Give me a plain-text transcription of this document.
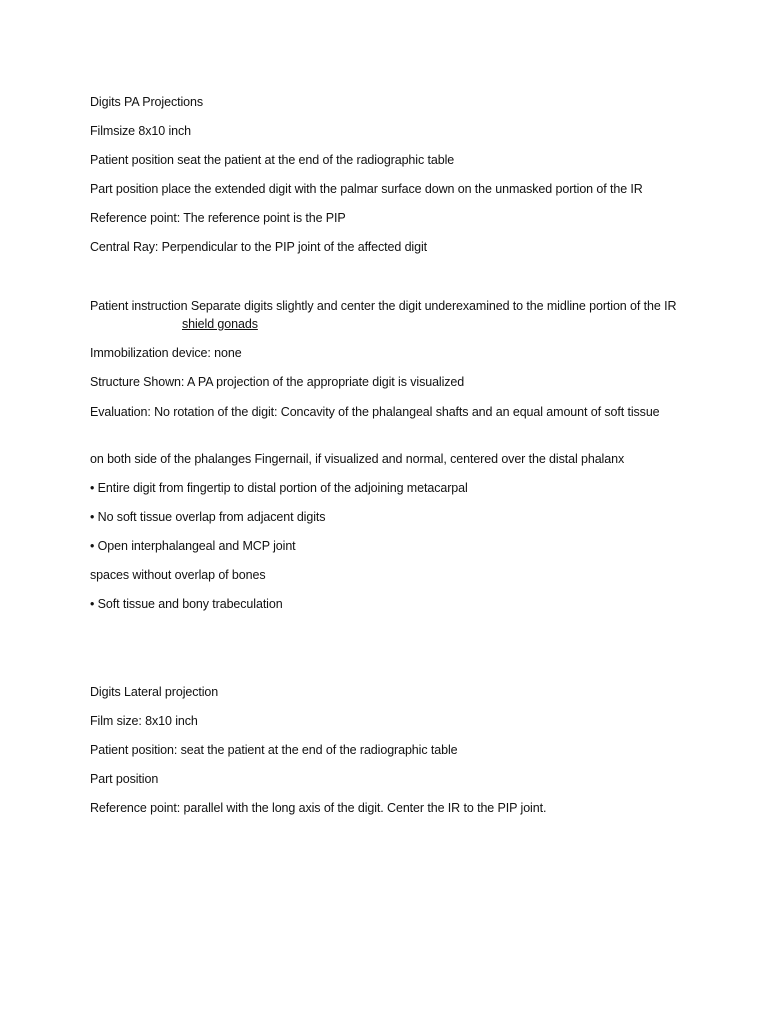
Digits PA Projections
Filmsize 8x10 inch
Patient position seat the patient at the end of the radiographic table
Part position place the extended digit with the palmar surface down on the unmasked portion of the IR
Reference point: The reference point is the PIP
Central Ray: Perpendicular to the PIP joint of the affected digit
Patient instruction Separate digits slightly and center the digit underexamined to the midline portion of the IRshield gonads
Immobilization device: none
Structure Shown: A PA projection of the appropriate digit is visualized
Evaluation: No rotation of the digit: Concavity of the phalangeal shafts and an equal amount of soft tissue
on both side of the phalanges Fingernail, if visualized and normal, centered over the distal phalanx
• Entire digit from fingertip to distal portion of the adjoining metacarpal
• No soft tissue overlap from adjacent digits
• Open interphalangeal and MCP joint
spaces without overlap of bones
• Soft tissue and bony trabeculation
Digits Lateral projection
Film size: 8x10 inch
Patient position: seat the patient at the end of the radiographic table
Part position
Reference point: parallel with the long axis of the digit. Center the IR to the PIP joint.
